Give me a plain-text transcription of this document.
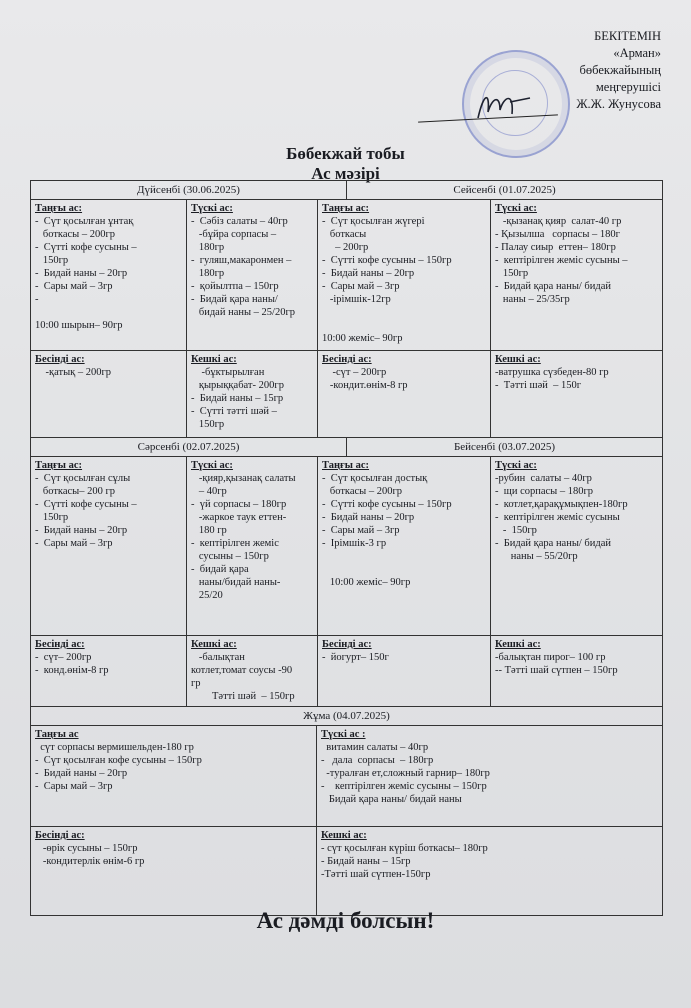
БЕКІТЕМІН
«Арман»
бөбекжайының
меңгерушісі
Ж.Ж. Жунусова
Бөбекжай тобы
Ас мәзірі
Дүйсенбі (30.06.2025)	Сейсенбі (01.07.2025)
Таңғы ас:
-  Сүт қосылған ұнтақ
боткасы – 200гр
-  Сүтті кофе сусыны –
150гр
-  Бидай наны – 20гр
-  Сары май – 3гр
-

10:00 шырын– 90гр
Түскі ас:
-  Сәбіз салаты – 40гр
-бұйра сорпасы –
180гр
-  гуляш,макаронмен –
180гр
-  қойылтпа – 150гр
-  Бидай қара наны/
бидай наны – 25/20гр
Таңғы ас:
-  Сүт қосылған жүгері
боткасы
– 200гр
-  Сүтті кофе сусыны – 150гр
-  Бидай наны – 20гр
-  Сары май – 3гр
-ірімшік-12гр

10:00 жеміс– 90гр
Түскі ас:
-қызанақ қияр  салат-40 гр
- Қызылша   сорпасы – 180г
- Палау сиыр  еттен– 180гр
-  кептірілген жеміс сусыны –
150гр
-  Бидай қара наны/ бидай
наны – 25/35гр
Бесінді ас:
-қатық – 200гр
Кешкі ас:
-бұктырылған
қырыққабат- 200гр
-  Бидай наны – 15гр
-  Сүтті тәтті шәй –
150гр
Бесінді ас:
-сүт – 200гр
-кондит.өнім-8 гр
Кешкі ас:
-ватрушка сүзбеден-80 гр
-  Тәтті шәй  – 150г
Сәрсенбі (02.07.2025)	Бейсенбі (03.07.2025)
Таңғы ас:
-  Сүт қосылған сұлы
боткасы– 200 гр
-  Сүтті кофе сусыны –
150гр
-  Бидай наны – 20гр
-  Сары май – 3гр
Түскі ас:
-қияр,қызанақ салаты
– 40гр
-  үй сорпасы – 180гр
-жаркое таук еттен-
180 гр
-  кептірілген жеміс
сусыны – 150гр
-  бидай қара
наны/бидай наны-
25/20
Таңғы ас:
-  Сүт қосылған достық
боткасы – 200гр
-  Сүтті кофе сусыны – 150гр
-  Бидай наны – 20гр
-  Сары май – 3гр
-  Ірімшік-3 гр

10:00 жеміс– 90гр
Түскі ас:
-рубин  салаты – 40гр
-  щи сорпасы – 180гр
-  котлет,қарақұмықпен-180гр
-  кептірілген жеміс сусыны
-  150гр
-  Бидай қара наны/ бидай
наны – 55/20гр
Бесінді ас:
-  сүт– 200гр
-  конд.өнім-8 гр
Кешкі ас:
-балықтан
котлет,томат соусы -90
гр
Тәтті шәй  – 150гр
Бесінді ас:
-  йогурт– 150г
Кешкі ас:
-балықтан пирог– 100 гр
-- Тәтті шай сүтпен – 150гр
Жұма (04.07.2025)
Таңғы ас
сүт сорпасы вермишельден-180 гр
-  Сүт қосылған кофе сусыны – 150гр
-  Бидай наны – 20гр
-  Сары май – 3гр
Түскі ас :
витамин салаты – 40гр
-   дала  сорпасы  – 180гр
-туралған ет,сложный гарнир– 180гр
-    кептірілген жеміс сусыны – 150гр
Бидай қара наны/ бидай наны
Бесінді ас:
-өрік сусыны – 150гр
-кондитерлік өнім-6 гр
Кешкі ас:
- сүт қосылған күріш боткасы– 180гр
- Бидай наны – 15гр
-Тәтті шай сүтпен-150гр
Ас дәмді болсын!
